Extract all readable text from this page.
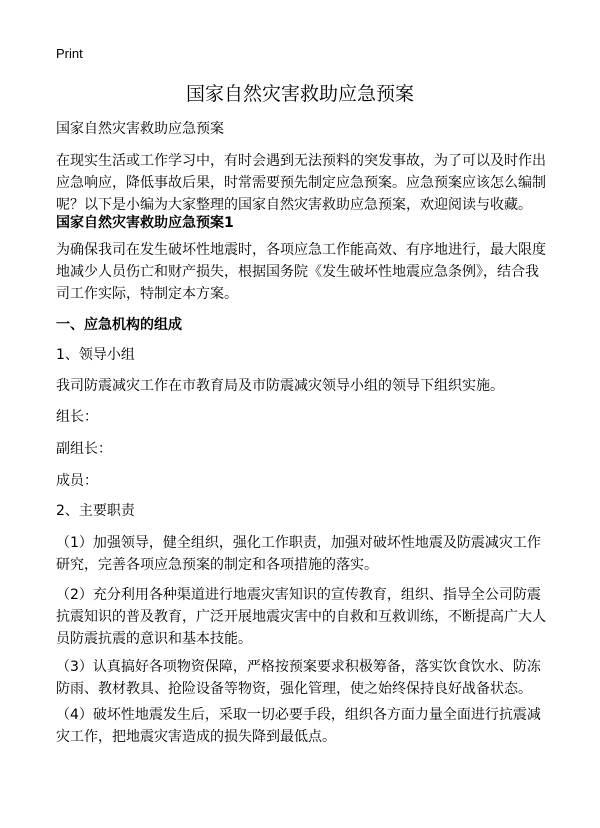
Print
国家自然灾害救助应急预案

国家自然灾害救助应急预案

在现实生活或工作学习中，有时会遇到无法预料的突发事故，为了可以及时作出应急响应，降低事故后果，时常需要预先制定应急预案。应急预案应该怎么编制呢？以下是小编为大家整理的国家自然灾害救助应急预案，欢迎阅读与收藏。

国家自然灾害救助应急预案1

为确保我司在发生破坏性地震时，各项应急工作能高效、有序地进行，最大限度地减少人员伤亡和财产损失，根据国务院《发生破坏性地震应急条例》，结合我司工作实际，特制定本方案。

一、应急机构的组成

1、领导小组

我司防震减灾工作在市教育局及市防震减灾领导小组的领导下组织实施。

组长：

副组长：

成员：

2、主要职责

（1）加强领导，健全组织，强化工作职责，加强对破坏性地震及防震减灾工作研究，完善各项应急预案的制定和各项措施的落实。

（2）充分利用各种渠道进行地震灾害知识的宣传教育，组织、指导全公司防震抗震知识的普及教育，广泛开展地震灾害中的自救和互救训练，不断提高广大人员防震抗震的意识和基本技能。

（3）认真搞好各项物资保障，严格按预案要求积极筹备，落实饮食饮水、防冻防雨、教材教具、抢险设备等物资，强化管理，使之始终保持良好战备状态。

（4）破坏性地震发生后，采取一切必要手段，组织各方面力量全面进行抗震减灾工作，把地震灾害造成的损失降到最低点。
